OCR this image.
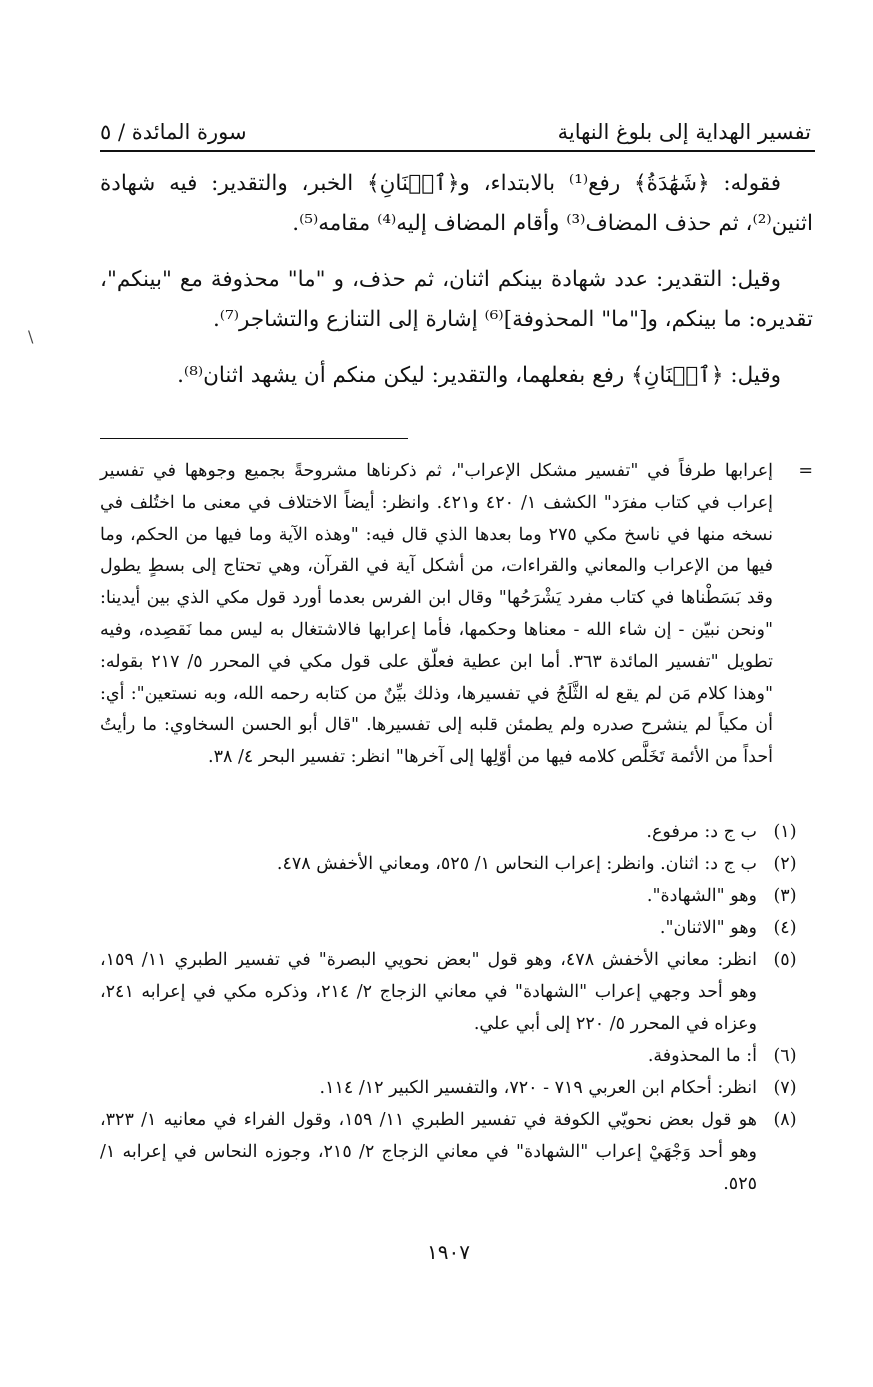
تفسير الهداية إلى بلوغ النهاية
سورة المائدة / ٥

فقوله: ﴿شَهَٰدَةُ﴾ رفع⁽¹⁾ بالابتداء، و﴿ٱثۡنَانِ﴾ الخبر، والتقدير: فيه شهادة اثنين⁽²⁾، ثم حذف المضاف⁽³⁾ وأقام المضاف إليه⁽⁴⁾ مقامه⁽⁵⁾.

وقيل: التقدير: عدد شهادة بينكم اثنان، ثم حذف، و "ما" محذوفة مع "بينكم"، تقديره: ما بينكم، و["ما" المحذوفة]⁽⁶⁾ إشارة إلى التنازع والتشاجر⁽⁷⁾.

وقيل: ﴿ٱثۡنَانِ﴾ رفع بفعلهما، والتقدير: ليكن منكم أن يشهد اثنان⁽⁸⁾.

\
=
إعرابها طرفاً في "تفسير مشكل الإعراب"، ثم ذكرناها مشروحةً بجميع وجوهها في تفسير إعراب في كتاب مفرَد" الكشف ١/ ٤٢٠ و٤٢١. وانظر: أيضاً الاختلاف في معنى ما اختُلف في نسخه منها في ناسخ مكي ٢٧٥ وما بعدها الذي قال فيه: "وهذه الآية وما فيها من الحكم، وما فيها من الإعراب والمعاني والقراءات، من أشكل آية في القرآن، وهي تحتاج إلى بسطٍ يطول وقد بَسَطْناها في كتاب مفرد يَشْرَحُها" وقال ابن الفرس بعدما أورد قول مكي الذي بين أيدينا: "ونحن نبيّن - إن شاء الله - معناها وحكمها، فأما إعرابها فالاشتغال به ليس مما نَقصِده، وفيه تطويل "تفسير المائدة ٣٦٣. أما ابن عطية فعلّق على قول مكي في المحرر ٥/ ٢١٧ بقوله: "وهذا كلام مَن لم يقع له الثَّلَجُ في تفسيرها، وذلك بيِّنٌ من كتابه رحمه الله، وبه نستعين": أي: أن مكياً لم ينشرح صدره ولم يطمئن قلبه إلى تفسيرها. "قال أبو الحسن السخاوي: ما رأيتُ أحداً من الأئمة تَخَلَّص كلامه فيها من أوّلِها إلى آخرها" انظر: تفسير البحر ٤/ ٣٨.
(١)
ب ج د: مرفوع.
(٢)
ب ج د: اثنان. وانظر: إعراب النحاس ١/ ٥٢٥، ومعاني الأخفش ٤٧٨.
(٣)
وهو "الشهادة".
(٤)
وهو "الاثنان".
(٥)
انظر: معاني الأخفش ٤٧٨، وهو قول "بعض نحويي البصرة" في تفسير الطبري ١١/ ١٥٩، وهو أحد وجهي إعراب "الشهادة" في معاني الزجاج ٢/ ٢١٤، وذكره مكي في إعرابه ٢٤١، وعزاه في المحرر ٥/ ٢٢٠ إلى أبي علي.
(٦)
أ: ما المحذوفة.
(٧)
انظر: أحكام ابن العربي ٧١٩ - ٧٢٠، والتفسير الكبير ١٢/ ١١٤.
(٨)
هو قول بعض نحويّي الكوفة في تفسير الطبري ١١/ ١٥٩، وقول الفراء في معانيه ١/ ٣٢٣، وهو أحد وَجْهَيْ إعراب "الشهادة" في معاني الزجاج ٢/ ٢١٥، وجوزه النحاس في إعرابه ١/ ٥٢٥.
١٩٠٧
